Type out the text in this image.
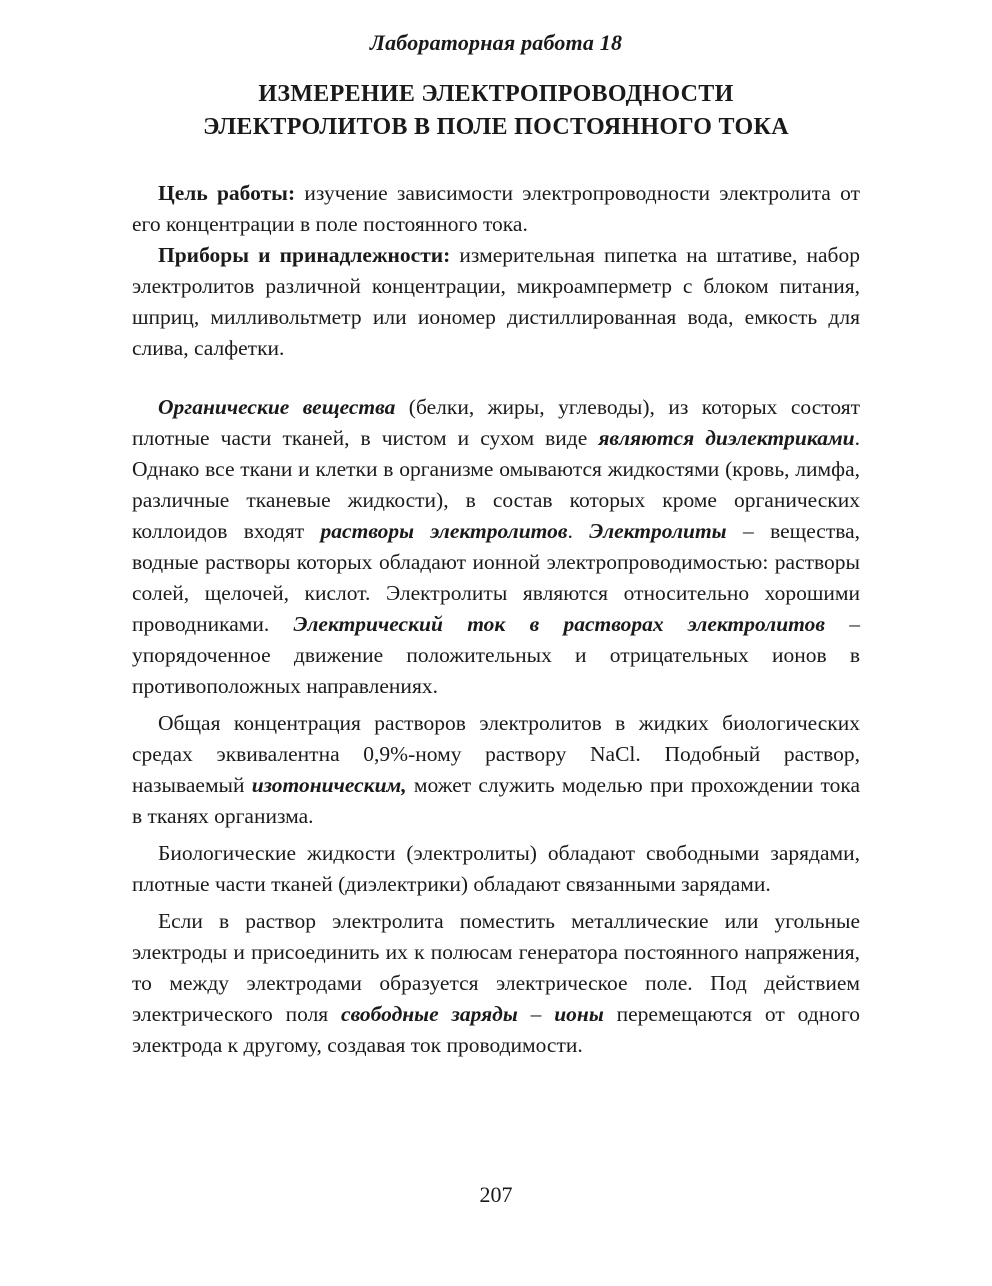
Лабораторная работа 18
ИЗМЕРЕНИЕ ЭЛЕКТРОПРОВОДНОСТИ
ЭЛЕКТРОЛИТОВ В ПОЛЕ ПОСТОЯННОГО ТОКА

Цель работы: изучение зависимости электропроводности электролита от его концентрации в поле постоянного тока.

Приборы и принадлежности: измерительная пипетка на штативе, набор электролитов различной концентрации, микроамперметр с блоком питания, шприц, милливольтметр или иономер дистиллированная вода, емкость для слива, салфетки.

Органические вещества (белки, жиры, углеводы), из которых состоят плотные части тканей, в чистом и сухом виде являются диэлектриками. Однако все ткани и клетки в организме омываются жидкостями (кровь, лимфа, различные тканевые жидкости), в состав которых кроме органических коллоидов входят растворы электролитов. Электролиты – вещества, водные растворы которых обладают ионной электропроводимостью: растворы солей, щелочей, кислот. Электролиты являются относительно хорошими проводниками. Электрический ток в растворах электролитов – упорядоченное движение положительных и отрицательных ионов в противоположных направлениях.

Общая концентрация растворов электролитов в жидких биологических средах эквивалентна 0,9%-ному раствору NaCl. Подобный раствор, называемый изотоническим, может служить моделью при прохождении тока в тканях организма.

Биологические жидкости (электролиты) обладают свободными зарядами, плотные части тканей (диэлектрики) обладают связанными зарядами.

Если в раствор электролита поместить металлические или угольные электроды и присоединить их к полюсам генератора постоянного напряжения, то между электродами образуется электрическое поле. Под действием электрического поля свободные заряды – ионы перемещаются от одного электрода к другому, создавая ток проводимости.

207
